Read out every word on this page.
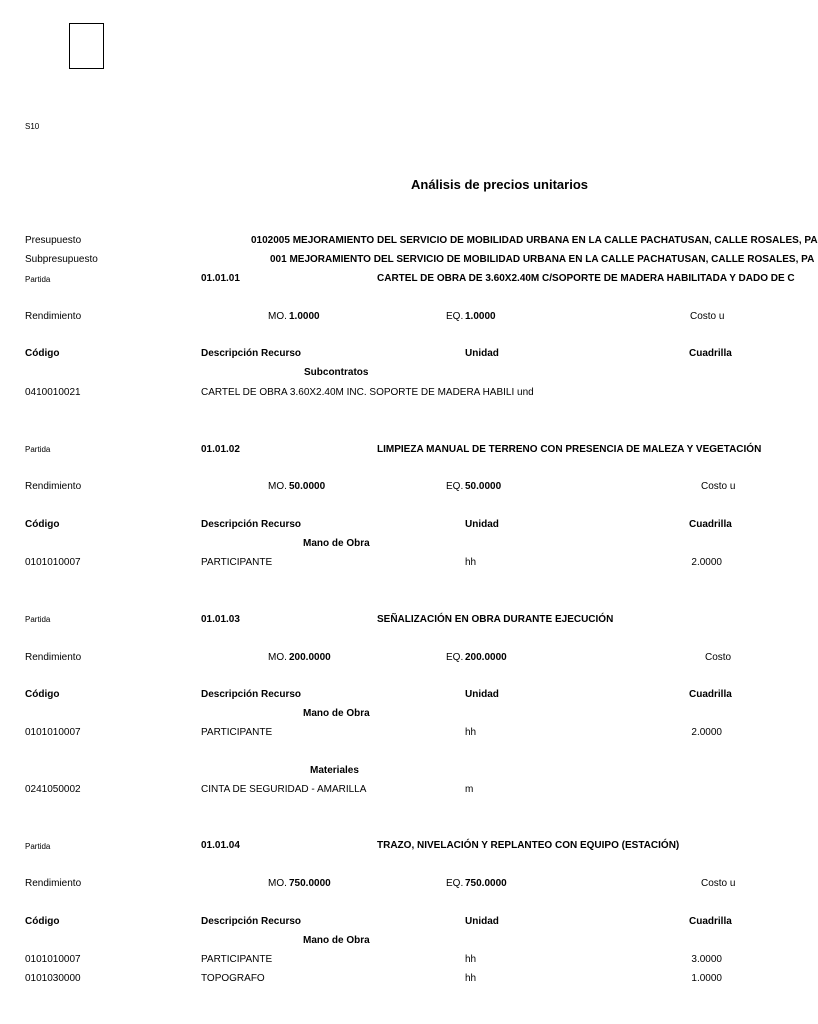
S10
Análisis de precios unitarios
Presupuesto	0102005 MEJORAMIENTO DEL SERVICIO DE MOBILIDAD URBANA EN LA CALLE PACHATUSAN, CALLE ROSALES, PA
Subpresupuesto	001 MEJORAMIENTO DEL SERVICIO DE MOBILIDAD URBANA EN LA CALLE PACHATUSAN, CALLE ROSALES, PA
Partida	01.01.01	CARTEL DE OBRA DE 3.60X2.40M C/SOPORTE DE MADERA HABILITADA Y DADO DE C
Rendimiento	MO. 1.0000	EQ. 1.0000	Costo u
Código	Descripción Recurso	Unidad	Cuadrilla
Subcontratos
0410010021	CARTEL DE OBRA 3.60X2.40M INC. SOPORTE DE MADERA HABILI und
Partida	01.01.02	LIMPIEZA MANUAL DE TERRENO CON PRESENCIA DE MALEZA Y VEGETACIÓN
Rendimiento	MO. 50.0000	EQ. 50.0000	Costo u
Código	Descripción Recurso	Unidad	Cuadrilla
Mano de Obra
0101010007	PARTICIPANTE	hh	2.0000
Partida	01.01.03	SEÑALIZACIÓN EN OBRA DURANTE EJECUCIÓN
Rendimiento	MO. 200.0000	EQ. 200.0000	Costo
Código	Descripción Recurso	Unidad	Cuadrilla
Mano de Obra
0101010007	PARTICIPANTE	hh	2.0000
Materiales
0241050002	CINTA DE SEGURIDAD - AMARILLA	m
Partida	01.01.04	TRAZO, NIVELACIÓN Y REPLANTEO CON EQUIPO (ESTACIÓN)
Rendimiento	MO. 750.0000	EQ. 750.0000	Costo u
Código	Descripción Recurso	Unidad	Cuadrilla
Mano de Obra
0101010007	PARTICIPANTE	hh	3.0000
0101030000	TOPOGRAFO	hh	1.0000
